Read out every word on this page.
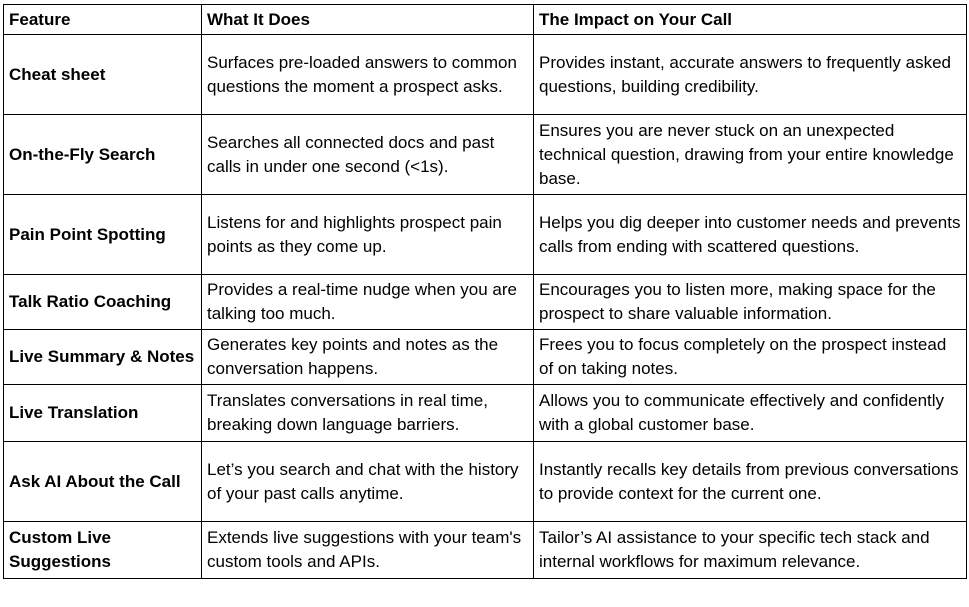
Feature	What It Does	The Impact on Your Call
Cheat sheet	Surfaces pre-loaded answers to common questions the moment a prospect asks.	Provides instant, accurate answers to frequently asked questions, building credibility.
On-the-Fly Search	Searches all connected docs and past calls in under one second (<1s).	Ensures you are never stuck on an unexpected technical question, drawing from your entire knowledge base.
Pain Point Spotting	Listens for and highlights prospect pain points as they come up.	Helps you dig deeper into customer needs and prevents calls from ending with scattered questions.
Talk Ratio Coaching	Provides a real-time nudge when you are talking too much.	Encourages you to listen more, making space for the prospect to share valuable information.
Live Summary & Notes	Generates key points and notes as the conversation happens.	Frees you to focus completely on the prospect instead of on taking notes.
Live Translation	Translates conversations in real time, breaking down language barriers.	Allows you to communicate effectively and confidently with a global customer base.
Ask AI About the Call	Let’s you search and chat with the history of your past calls anytime.	Instantly recalls key details from previous conversations to provide context for the current one.
Custom Live Suggestions	Extends live suggestions with your team's custom tools and APIs.	Tailor’s AI assistance to your specific tech stack and internal workflows for maximum relevance.
